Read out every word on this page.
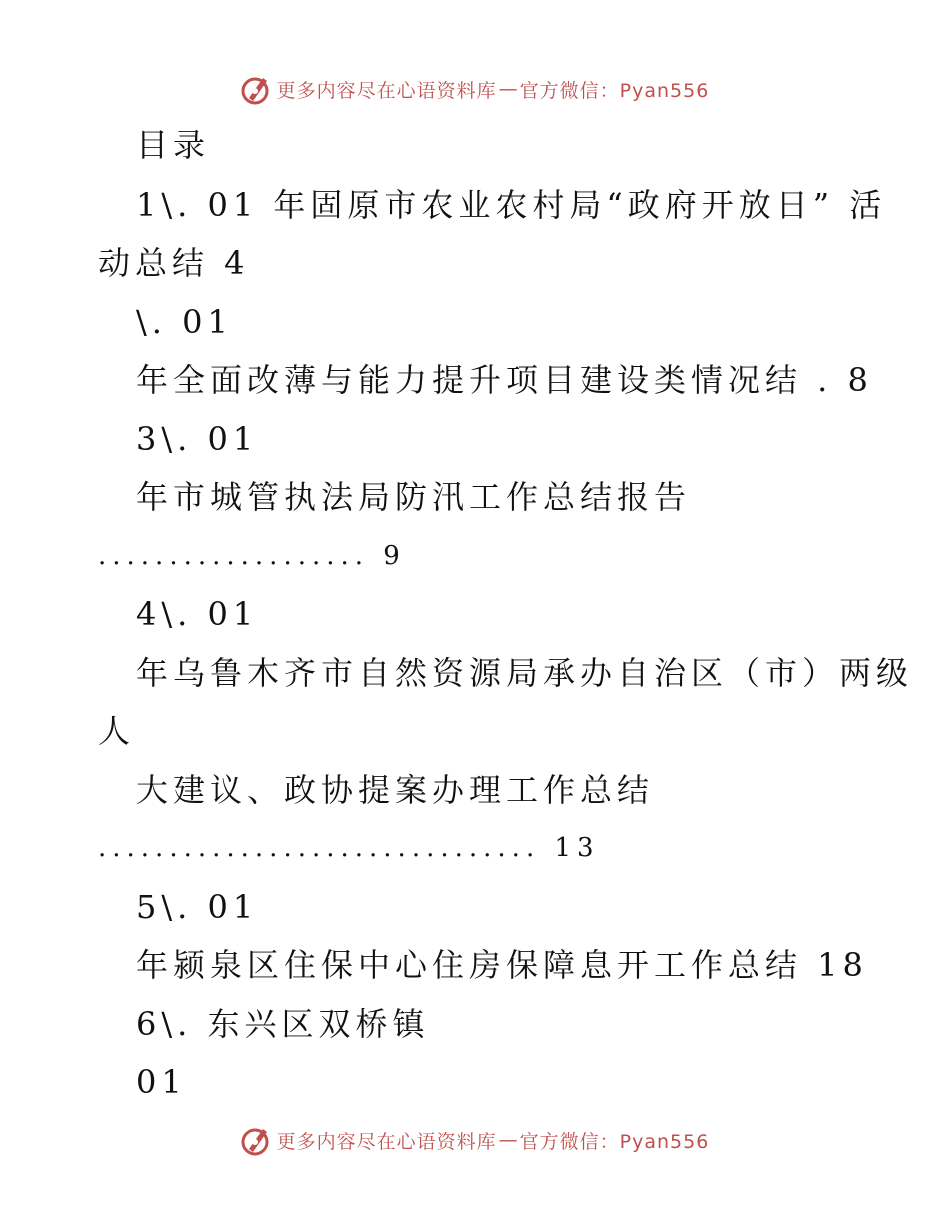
更多内容尽在心语资料库 — 官方微信：Pyan556
目录
1\. 01 年固原市农业农村局“政府开放日” 活
动总结 4
\. 01
年全面改薄与能力提升项目建设类情况结 . 8
3\. 01
年市城管执法局防汛工作总结报告
................... 9
4\. 01
年乌鲁木齐市自然资源局承办自治区（市）两级
人
大建议、政协提案办理工作总结
............................... 13
5\. 01
年颍泉区住保中心住房保障息开工作总结 18
6\. 东兴区双桥镇
01
更多内容尽在心语资料库 — 官方微信：Pyan556
